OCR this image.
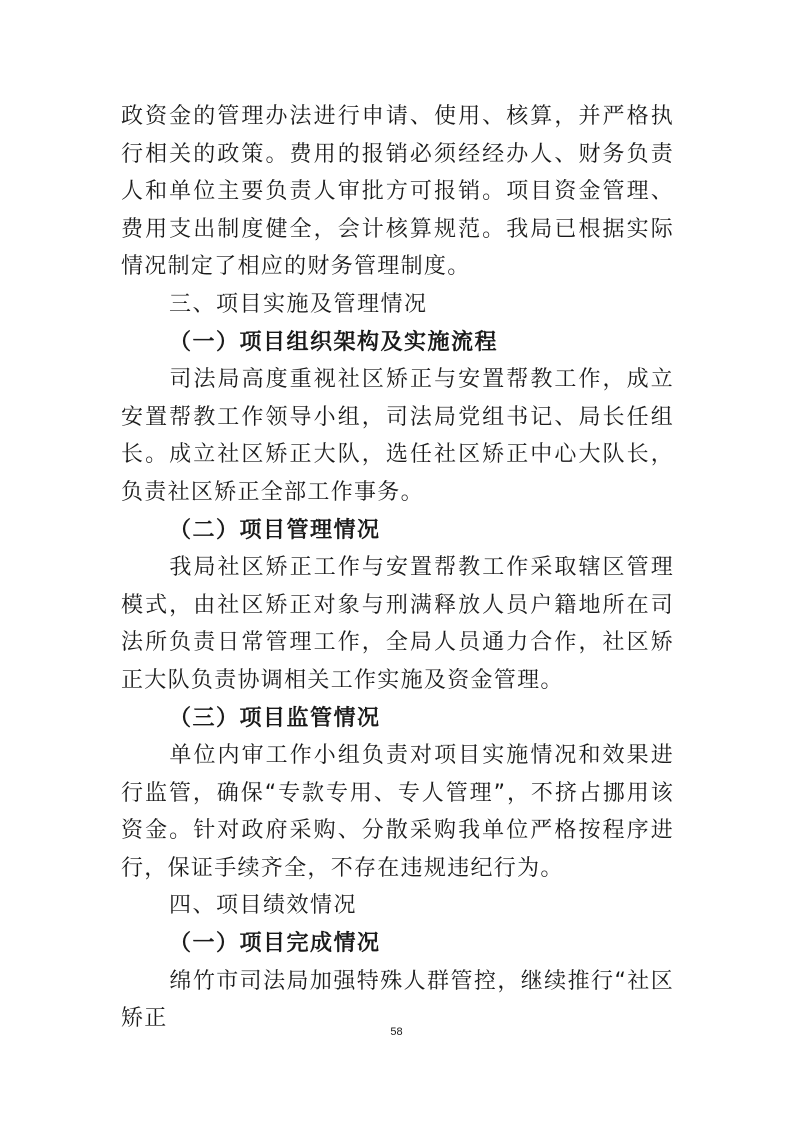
政资金的管理办法进行申请、使用、核算，并严格执行相关的政策。费用的报销必须经经办人、财务负责人和单位主要负责人审批方可报销。项目资金管理、费用支出制度健全，会计核算规范。我局已根据实际情况制定了相应的财务管理制度。

三、项目实施及管理情况

（一）项目组织架构及实施流程

司法局高度重视社区矫正与安置帮教工作，成立安置帮教工作领导小组，司法局党组书记、局长任组长。成立社区矫正大队，选任社区矫正中心大队长，负责社区矫正全部工作事务。

（二）项目管理情况

我局社区矫正工作与安置帮教工作采取辖区管理模式，由社区矫正对象与刑满释放人员户籍地所在司法所负责日常管理工作，全局人员通力合作，社区矫正大队负责协调相关工作实施及资金管理。

（三）项目监管情况

单位内审工作小组负责对项目实施情况和效果进行监管，确保“专款专用、专人管理”，不挤占挪用该资金。针对政府采购、分散采购我单位严格按程序进行，保证手续齐全，不存在违规违纪行为。

四、项目绩效情况

（一）项目完成情况

绵竹市司法局加强特殊人群管控，继续推行“社区矫正

58
